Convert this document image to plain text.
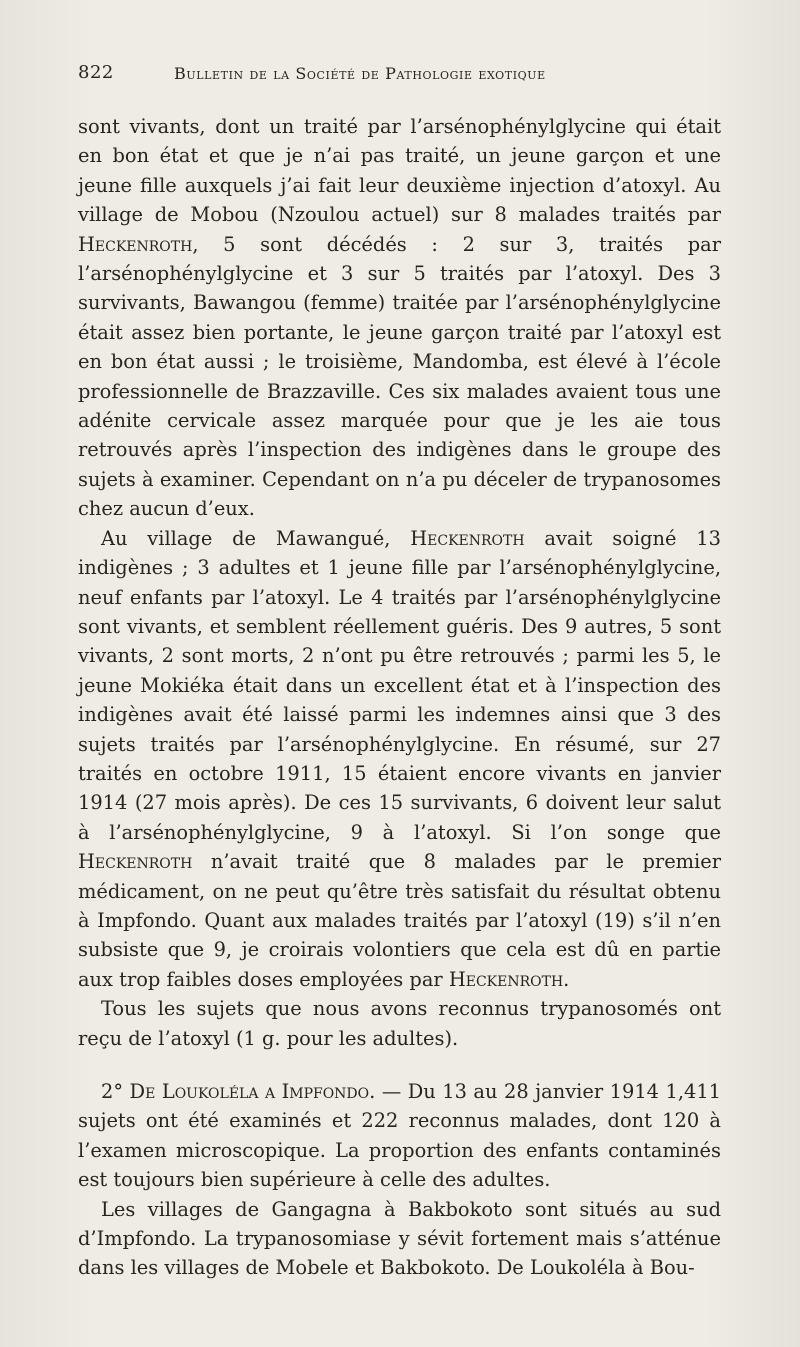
822	Bulletin de la Société de Pathologie exotique

sont vivants, dont un traité par l’arsénophénylglycine qui était en bon état et que je n’ai pas traité, un jeune garçon et une jeune fille auxquels j’ai fait leur deuxième injection d’atoxyl. Au village de Mobou (Nzoulou actuel) sur 8 malades traités par Heckenroth, 5 sont décédés : 2 sur 3, traités par l’arsénophénylglycine et 3 sur 5 traités par l’atoxyl. Des 3 survivants, Bawangou (femme) traitée par l’arsénophénylglycine était assez bien portante, le jeune garçon traité par l’atoxyl est en bon état aussi ; le troisième, Mandomba, est élevé à l’école professionnelle de Brazzaville. Ces six malades avaient tous une adénite cervicale assez marquée pour que je les aie tous retrouvés après l’inspection des indigènes dans le groupe des sujets à examiner. Cependant on n’a pu déceler de trypanosomes chez aucun d’eux.

Au village de Mawangué, Heckenroth avait soigné 13 indigènes ; 3 adultes et 1 jeune fille par l’arsénophénylglycine, neuf enfants par l’atoxyl. Le 4 traités par l’arsénophénylglycine sont vivants, et semblent réellement guéris. Des 9 autres, 5 sont vivants, 2 sont morts, 2 n’ont pu être retrouvés ; parmi les 5, le jeune Mokiéka était dans un excellent état et à l’inspection des indigènes avait été laissé parmi les indemnes ainsi que 3 des sujets traités par l’arsénophénylglycine. En résumé, sur 27 traités en octobre 1911, 15 étaient encore vivants en janvier 1914 (27 mois après). De ces 15 survivants, 6 doivent leur salut à l’arsénophénylglycine, 9 à l’atoxyl. Si l’on songe que Heckenroth n’avait traité que 8 malades par le premier médicament, on ne peut qu’être très satisfait du résultat obtenu à Impfondo. Quant aux malades traités par l’atoxyl (19) s’il n’en subsiste que 9, je croirais volontiers que cela est dû en partie aux trop faibles doses employées par Heckenroth.

Tous les sujets que nous avons reconnus trypanosomés ont reçu de l’atoxyl (1 g. pour les adultes).

2° De Loukoléla a Impfondo. — Du 13 au 28 janvier 1914 1,411 sujets ont été examinés et 222 reconnus malades, dont 120 à l’examen microscopique. La proportion des enfants contaminés est toujours bien supérieure à celle des adultes.

Les villages de Gangagna à Bakbokoto sont situés au sud d’Impfondo. La trypanosomiase y sévit fortement mais s’atténue dans les villages de Mobele et Bakbokoto. De Loukoléla à Bou-
